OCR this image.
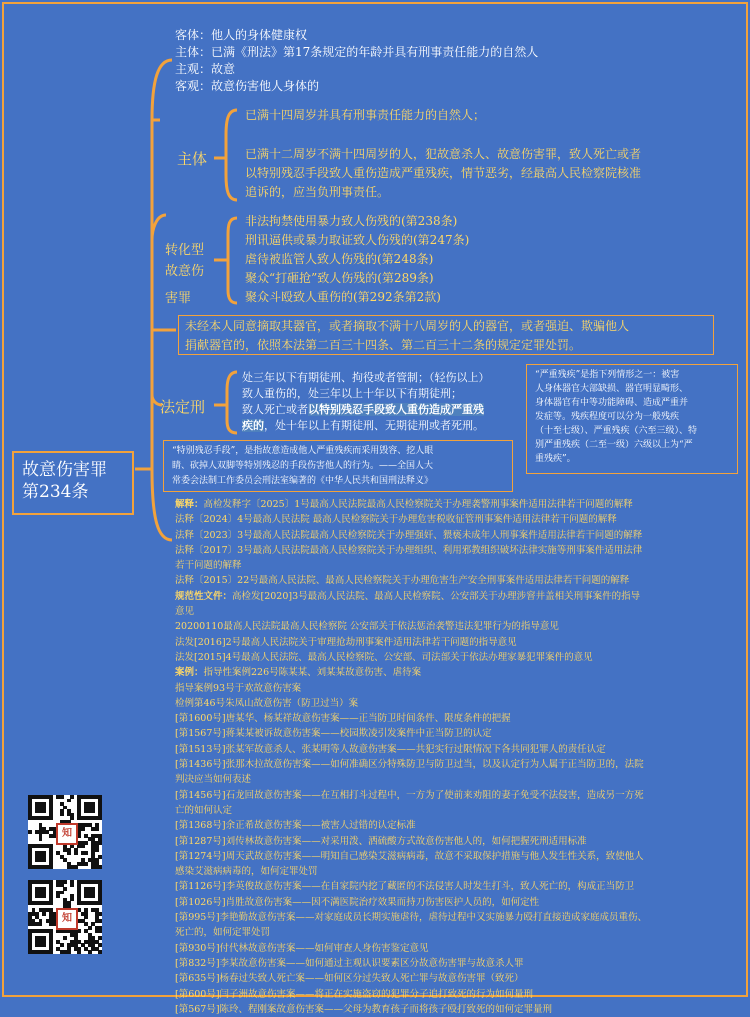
故意伤害罪
第234条
客体：他人的身体健康权
主体：已满《刑法》第17条规定的年龄并具有刑事责任能力的自然人
主观：故意
客观：故意伤害他人身体的
主体
已满十四周岁并具有刑事责任能力的自然人；
已满十二周岁不满十四周岁的人，犯故意杀人、故意伤害罪，致人死亡或者
以特别残忍手段致人重伤造成严重残疾，情节恶劣，经最高人民检察院核准
追诉的，应当负刑事责任。
转化型
故意伤
害罪
非法拘禁使用暴力致人伤残的(第238条)
刑讯逼供或暴力取证致人伤残的(第247条)
虐待被监管人致人伤残的(第248条)
聚众“打砸抢”致人伤残的(第289条)
聚众斗殴致人重伤的(第292条第2款)
未经本人同意摘取其器官，或者摘取不满十八周岁的人的器官，或者强迫、欺骗他人
捐献器官的，依照本法第二百三十四条、第二百三十二条的规定定罪处罚。
法定刑
处三年以下有期徒刑、拘役或者管制；（轻伤以上）
致人重伤的，处三年以上十年以下有期徒刑；
致人死亡或者以特别残忍手段致人重伤造成严重残
疾的，处十年以上有期徒刑、无期徒刑或者死刑。
“严重残疾”是指下列情形之一：被害
人身体器官大部缺损、器官明显畸形、
身体器官有中等功能障碍、造成严重并
发症等。残疾程度可以分为一般残疾
（十至七级）、严重残疾（六至三级）、特
别严重残疾（二至一级）六级以上为“严
重残疾”。
“特别残忍手段”，是指故意造成他人严重残疾而采用毁容、挖人眼
睛、砍掉人双脚等特别残忍的手段伤害他人的行为。——全国人大
常委会法制工作委员会刑法室编著的《中华人民共和国刑法释义》
解释：高检发释字〔2025〕1号最高人民法院最高人民检察院关于办理袭警刑事案件适用法律若干问题的解释
法释〔2024〕4号最高人民法院 最高人民检察院关于办理危害税收征管刑事案件适用法律若干问题的解释
法释〔2023〕3号最高人民法院最高人民检察院关于办理强奸、猥亵未成年人刑事案件适用法律若干问题的解释
法释〔2017〕3号最高人民法院最高人民检察院关于办理组织、利用邪教组织破坏法律实施等刑事案件适用法律
若干问题的解释
法释〔2015〕22号最高人民法院、最高人民检察院关于办理危害生产安全刑事案件适用法律若干问题的解释
规范性文件：高检发[2020]3号最高人民法院、最高人民检察院、公安部关于办理涉窨井盖相关刑事案件的指导
意见
20200110最高人民法院最高人民检察院 公安部关于依法惩治袭警违法犯罪行为的指导意见
法发[2016]2号最高人民法院关于审理抢劫刑事案件适用法律若干问题的指导意见
法发[2015]4号最高人民法院、最高人民检察院、公安部、司法部关于依法办理家暴犯罪案件的意见
案例：指导性案例226号陈某某、刘某某故意伤害、虐待案
指导案例93号于欢故意伤害案
检例第46号朱凤山故意伤害（防卫过当）案
[第1600号]唐某华、杨某祥故意伤害案——正当防卫时间条件、限度条件的把握
[第1567号]蒋某某被诉故意伤害案——校园欺凌引发案件中正当防卫的认定
[第1513号]张某军故意杀人、张某明等人故意伤害案——共犯实行过限情况下各共同犯罪人的责任认定
[第1436号]张那木拉故意伤害案——如何准确区分特殊防卫与防卫过当，以及认定行为人属于正当防卫的，法院
判决应当如何表述
[第1456号]石龙回故意伤害案——在互相打斗过程中，一方为了使前来劝阻的妻子免受不法侵害，造成另一方死
亡的如何认定
[第1368号]余正希故意伤害案——被害人过错的认定标准
[第1287号]刘传林故意伤害案——对采用泼、洒硫酸方式故意伤害他人的，如何把握死刑适用标准
[第1274号]周天武故意伤害案——明知自己感染艾滋病病毒，故意不采取保护措施与他人发生性关系，致使他人
感染艾滋病病毒的，如何定罪处罚
[第1126号]李英俊故意伤害案——在自家院内挖了藏匿的不法侵害人时发生打斗，致人死亡的，构成正当防卫
[第1026号]肖胜故意伤害案——因不满医院治疗效果而持刀伤害医护人员的，如何定性
[第995号]李艳勤故意伤害案——对家庭成员长期实施虐待，虐待过程中又实施暴力殴打直接造成家庭成员重伤、
死亡的，如何定罪处罚
[第930号]付代林故意伤害案——如何审查人身伤害鉴定意见
[第832号]李某故意伤害案——如何通过主观认识要素区分故意伤害罪与故意杀人罪
[第635号]杨春过失致人死亡案——如何区分过失致人死亡罪与故意伤害罪（致死）
[第600号]闫子洲故意伤害案——将正在实施盗窃的犯罪分子追打致死的行为如何量刑
[第567号]陈玲、程刚案故意伤害案——父母为教育孩子而将孩子殴打致死的如何定罪量刑
知
知
